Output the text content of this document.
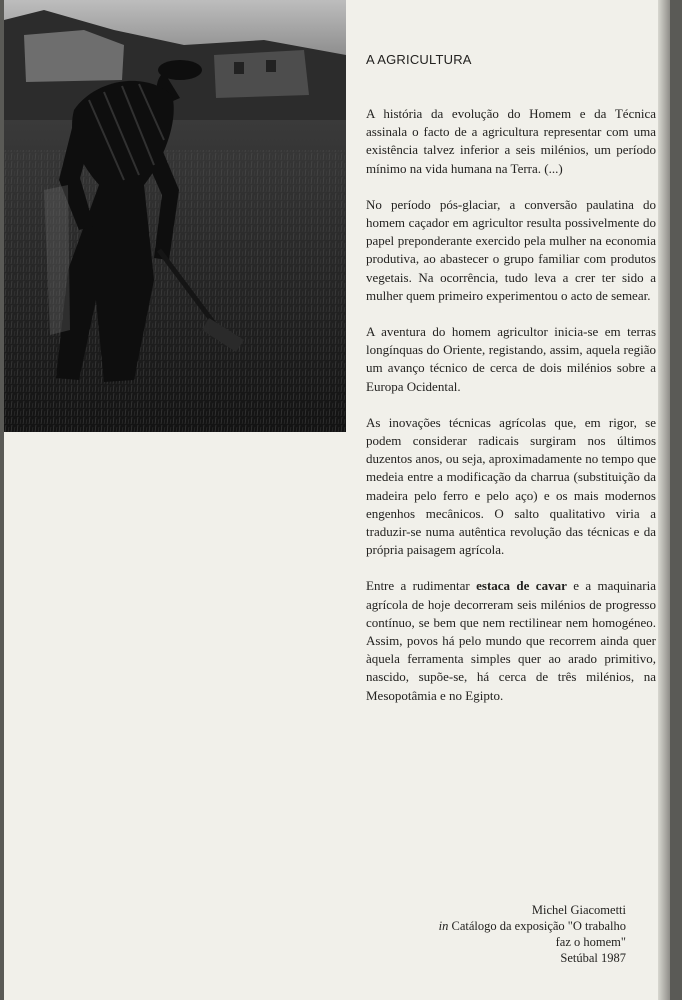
A AGRICULTURA

A história da evolução do Homem e da Técnica assinala o facto de a agricultura representar com uma existência talvez inferior a seis milénios, um período mínimo na vida humana na Terra. (...)

No período pós-glaciar, a conversão paulatina do homem caçador em agricultor resulta possivelmente do papel preponderante exercido pela mulher na economia produtiva, ao abastecer o grupo familiar com produtos vegetais. Na ocorrência, tudo leva a crer ter sido a mulher quem primeiro experimentou o acto de semear.

A aventura do homem agricultor inicia-se em terras longínquas do Oriente, registando, assim, aquela região um avanço técnico de cerca de dois milénios sobre a Europa Ocidental.

As inovações técnicas agrícolas que, em rigor, se podem considerar radicais surgiram nos últimos duzentos anos, ou seja, aproximadamente no tempo que medeia entre a modificação da charrua (substituição da madeira pelo ferro e pelo aço) e os mais modernos engenhos mecânicos. O salto qualitativo viria a traduzir-se numa autêntica revolução das técnicas e da própria paisagem agrícola.

Entre a rudimentar estaca de cavar e a maquinaria agrícola de hoje decorreram seis milénios de progresso contínuo, se bem que nem rectilinear nem homogéneo. Assim, povos há pelo mundo que recorrem ainda quer àquela ferramenta simples quer ao arado primitivo, nascido, supõe-se, há cerca de três milénios, na Mesopotâmia e no Egipto.

Michel Giacometti
in Catálogo da exposição "O trabalho
faz o homem"
Setúbal 1987
